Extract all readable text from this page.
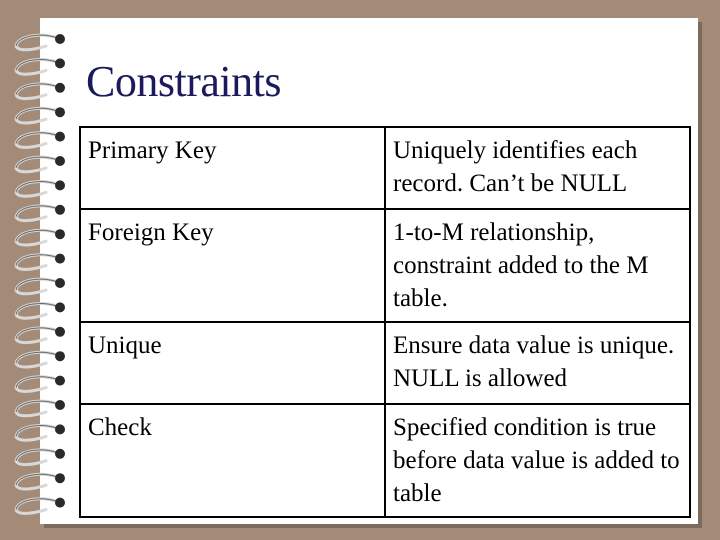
Constraints
Primary Key	Uniquely identifies each record. Can’t be NULL
Foreign Key	1-to-M relationship, constraint added to the M table.
Unique	Ensure data value is unique. NULL is allowed
Check	Specified condition is true before data value is added to table
